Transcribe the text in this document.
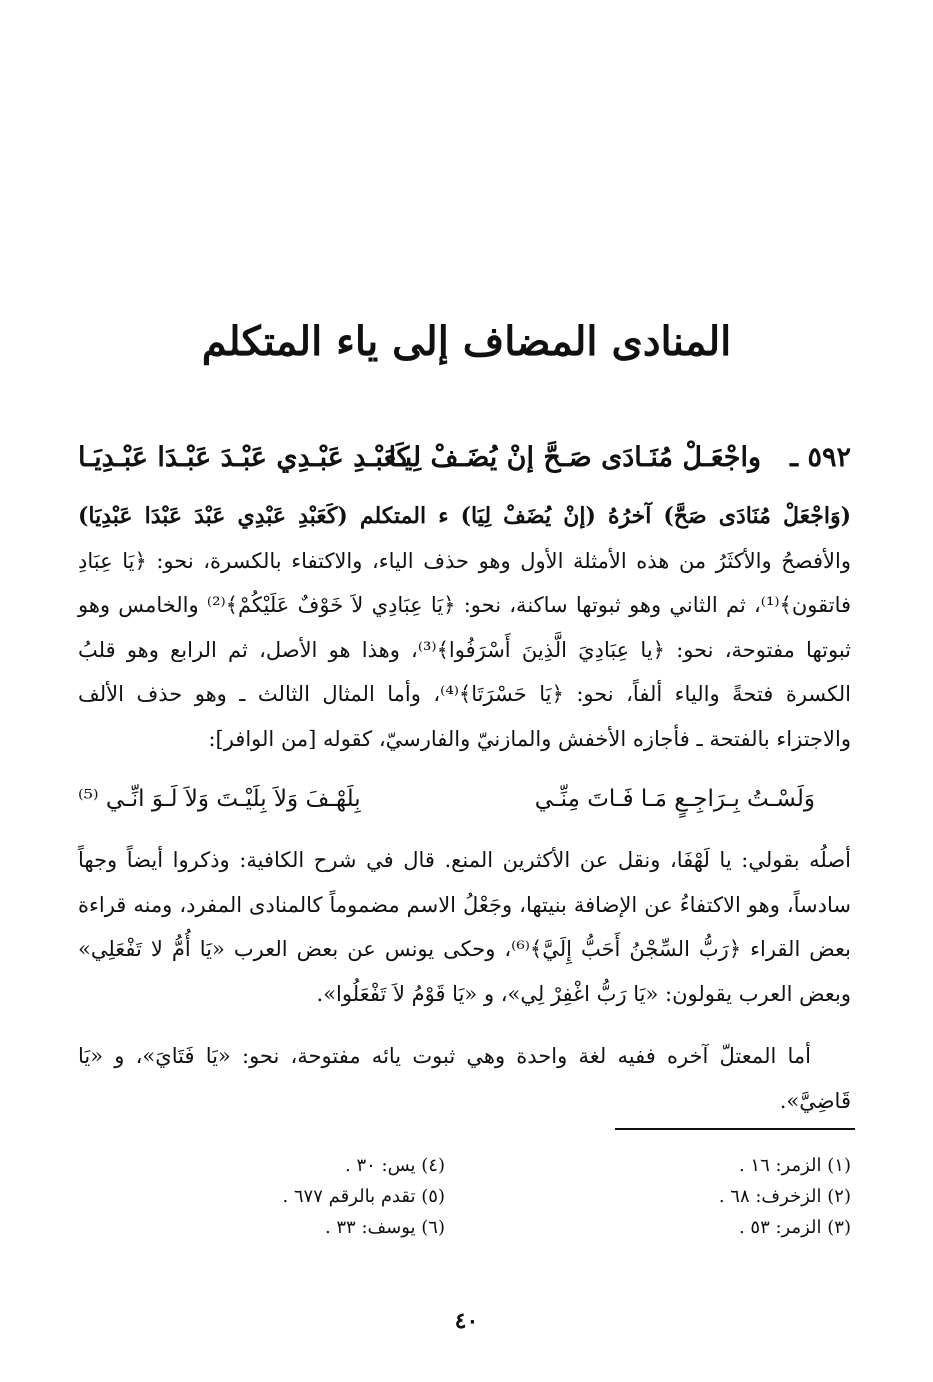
المنادى المضاف إلى ياء المتكلم
٥٩٢ ـ
واجْعَـلْ مُنَـادَى صَـحَّ إنْ يُضَـفْ لِيـا
كَعَبْـدِ عَبْـدِي عَبْـدَ عَبْـدَا عَبْـدِيَـا
(وَاجْعَلْ مُنَادَى صَحَّ) آخرُهُ (إنْ يُضَفْ لِيَا) ء المتكلم (كَعَبْدِ عَبْدِي عَبْدَ عَبْدَا عَبْدِيَا) والأفصحُ والأكثَرُ من هذه الأمثلة الأول وهو حذف الياء، والاكتفاء بالكسرة، نحو: ﴿يَا عِبَادِ فاتقون﴾⁽¹⁾، ثم الثاني وهو ثبوتها ساكنة، نحو: ﴿يَا عِبَادِي لاَ خَوْفٌ عَلَيْكُمْ﴾⁽²⁾ والخامس وهو ثبوتها مفتوحة، نحو: ﴿يا عِبَادِيَ الَّذِينَ أَسْرَفُوا﴾⁽³⁾، وهذا هو الأصل، ثم الرابع وهو قلبُ الكسرة فتحةً والياء ألفاً، نحو: ﴿يَا حَسْرَتَا﴾⁽⁴⁾، وأما المثال الثالث ـ وهو حذف الألف والاجتزاء بالفتحة ـ فأجازه الأخفش والمازنيّ والفارسيّ، كقوله [من الوافر]:
وَلَسْـتُ بِـرَاجِـعٍ مَـا فَـاتَ مِنِّـي
بِلَهْـفَ وَلاَ بِلَيْـتَ وَلاَ لَـوَ انِّـي ⁽⁵⁾
أصلُه بقولي: يا لَهْفَا، ونقل عن الأكثرين المنع. قال في شرح الكافية: وذكروا أيضاً وجهاً سادساً، وهو الاكتفاءُ عن الإضافة بنيتها، وجَعْلُ الاسم مضموماً كالمنادى المفرد، ومنه قراءة بعض القراء ﴿رَبُّ السِّجْنُ أَحَبُّ إِلَيَّ﴾⁽⁶⁾، وحكى يونس عن بعض العرب «يَا أُمُّ لا تَفْعَلِي» وبعض العرب يقولون: «يَا رَبُّ اغْفِرْ لِي»، و «يَا قَوْمُ لاَ تَفْعَلُوا».
أما المعتلّ آخره ففيه لغة واحدة وهي ثبوت يائه مفتوحة، نحو: «يَا فَتَايَ»، و «يَا قَاضِيَّ».
(١) الزمر: ١٦ .
(٢) الزخرف: ٦٨ .
(٣) الزمر: ٥٣ .
(٤) يس: ٣٠ .
(٥) تقدم بالرقم ٦٧٧ .
(٦) يوسف: ٣٣ .
٤٠
